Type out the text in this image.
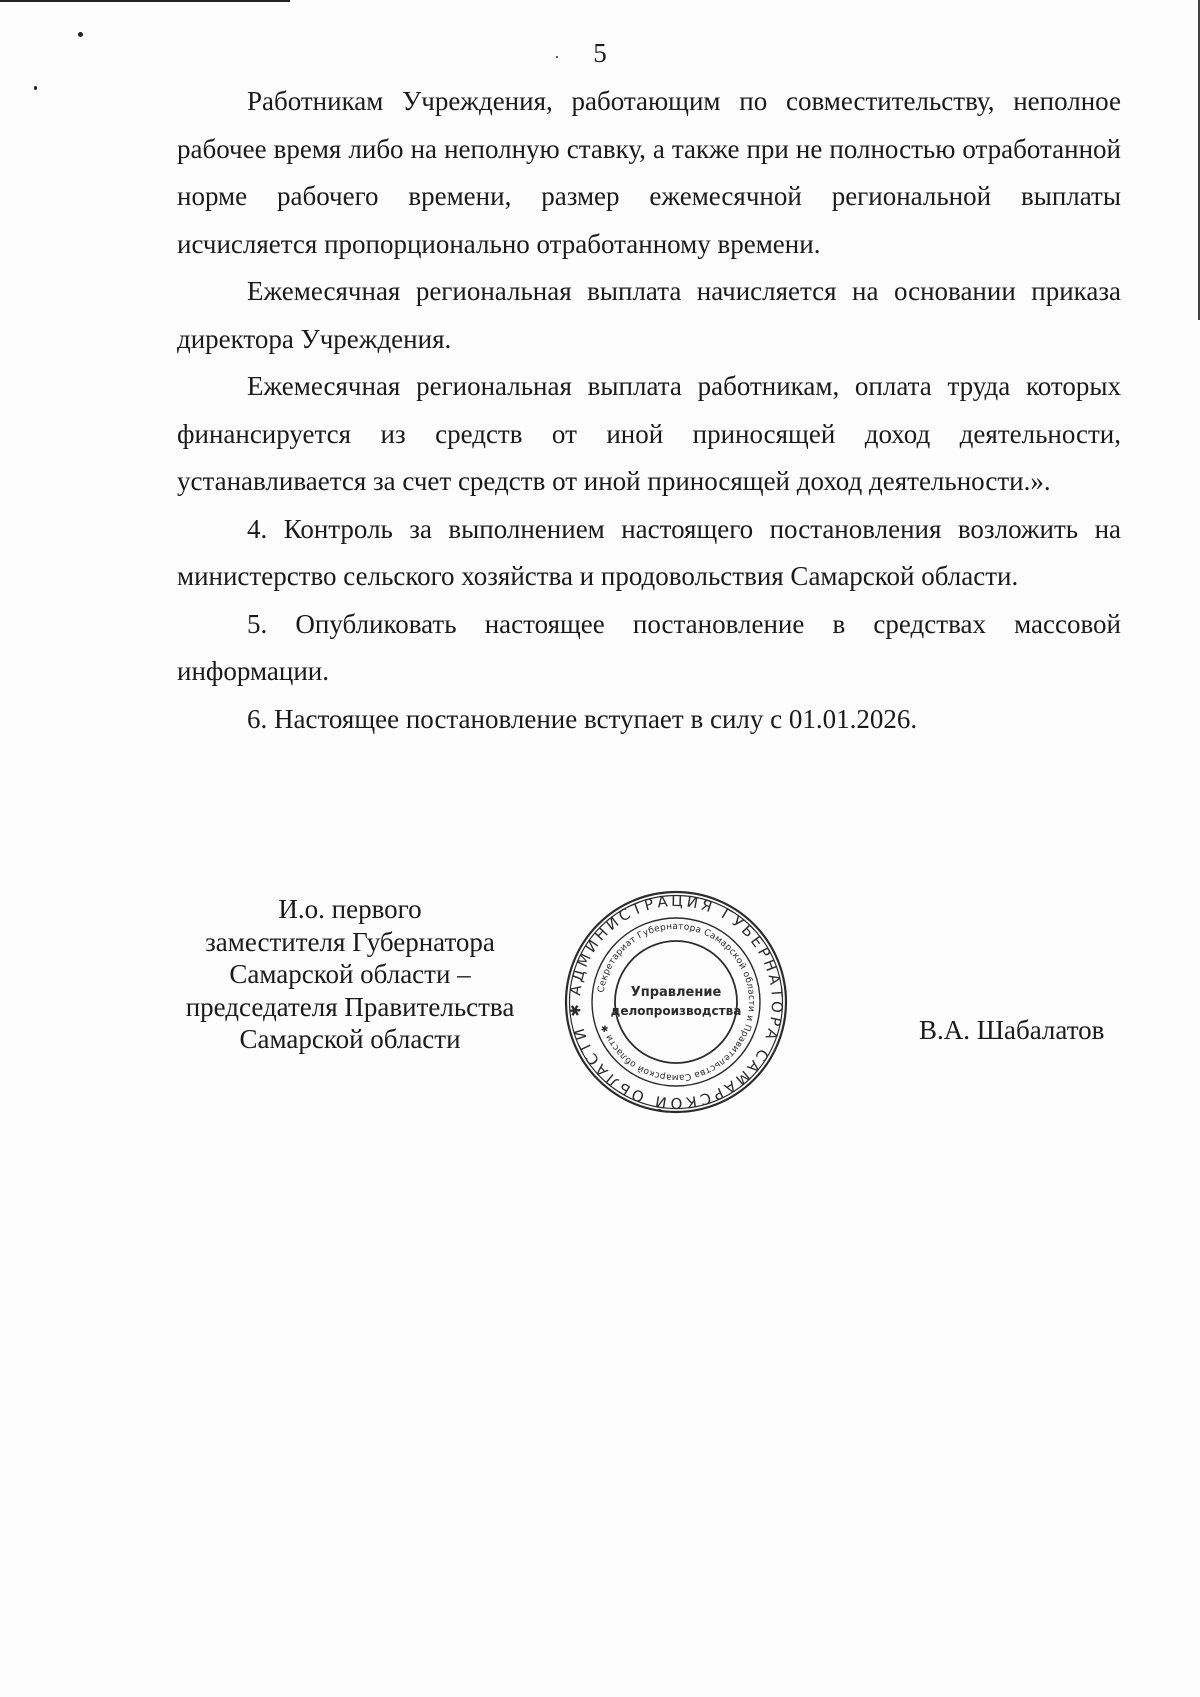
5

Работникам Учреждения, работающим по совместительству, неполное рабочее время либо на неполную ставку, а также при не полностью отработанной норме рабочего времени, размер ежемесячной региональной выплаты исчисляется пропорционально отработанному времени.

Ежемесячная региональная выплата начисляется на основании приказа директора Учреждения.

Ежемесячная региональная выплата работникам, оплата труда которых финансируется из средств от иной приносящей доход деятельности, устанавливается за счет средств от иной приносящей доход деятельности.».

4. Контроль за выполнением настоящего постановления возложить на министерство сельского хозяйства и продовольствия Самарской области.

5. Опубликовать настоящее постановление в средствах массовой информации.

6. Настоящее постановление вступает в силу с 01.01.2026.

И.о. первого
заместителя Губернатора
Самарской области –
председателя Правительства
Самарской области
АДМИНИСТРАЦИЯ ГУБЕРНАТОРА САМАРСКОЙ ОБЛАСТИ ✱
Секретариат Губернатора Самарской области и Правительства Самарской области ✱
Управление
делопроизводства
В.А. Шабалатов
